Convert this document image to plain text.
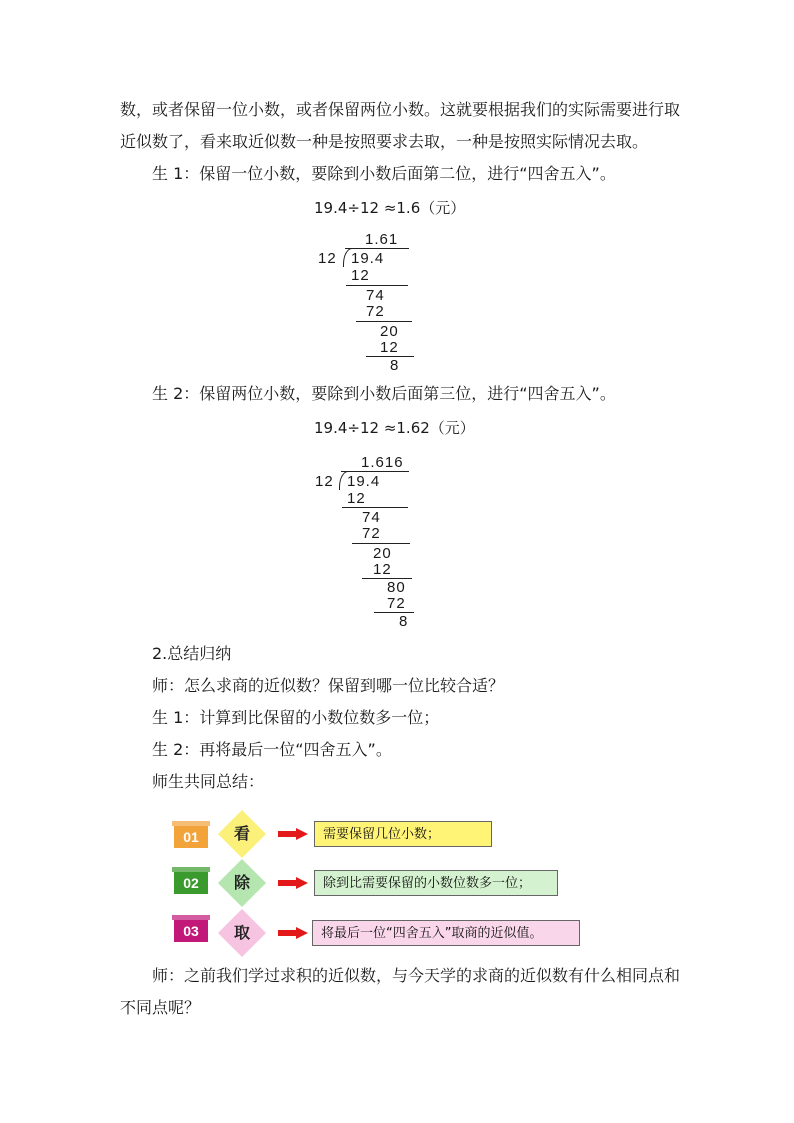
数，或者保留一位小数，或者保留两位小数。这就要根据我们的实际需要进行取
近似数了，看来取近似数一种是按照要求去取，一种是按照实际情况去取。
生 1：保留一位小数，要除到小数后面第二位，进行“四舍五入”。
19.4÷12 ≈1.6（元）
1.61
12 19.4
12
74
72
20
12
8
生 2：保留两位小数，要除到小数后面第三位，进行“四舍五入”。
19.4÷12 ≈1.62（元）
1.616
12 19.4
12
74
72
20
12
80
72
8
2.总结归纳
师：怎么求商的近似数？保留到哪一位比较合适？
生 1：计算到比保留的小数位数多一位；
生 2：再将最后一位“四舍五入”。
师生共同总结：
01	看	需要保留几位小数；
02	除	除到比需要保留的小数位数多一位；
03	取	将最后一位“四舍五入”取商的近似值。
师：之前我们学过求积的近似数，与今天学的求商的近似数有什么相同点和
不同点呢？
